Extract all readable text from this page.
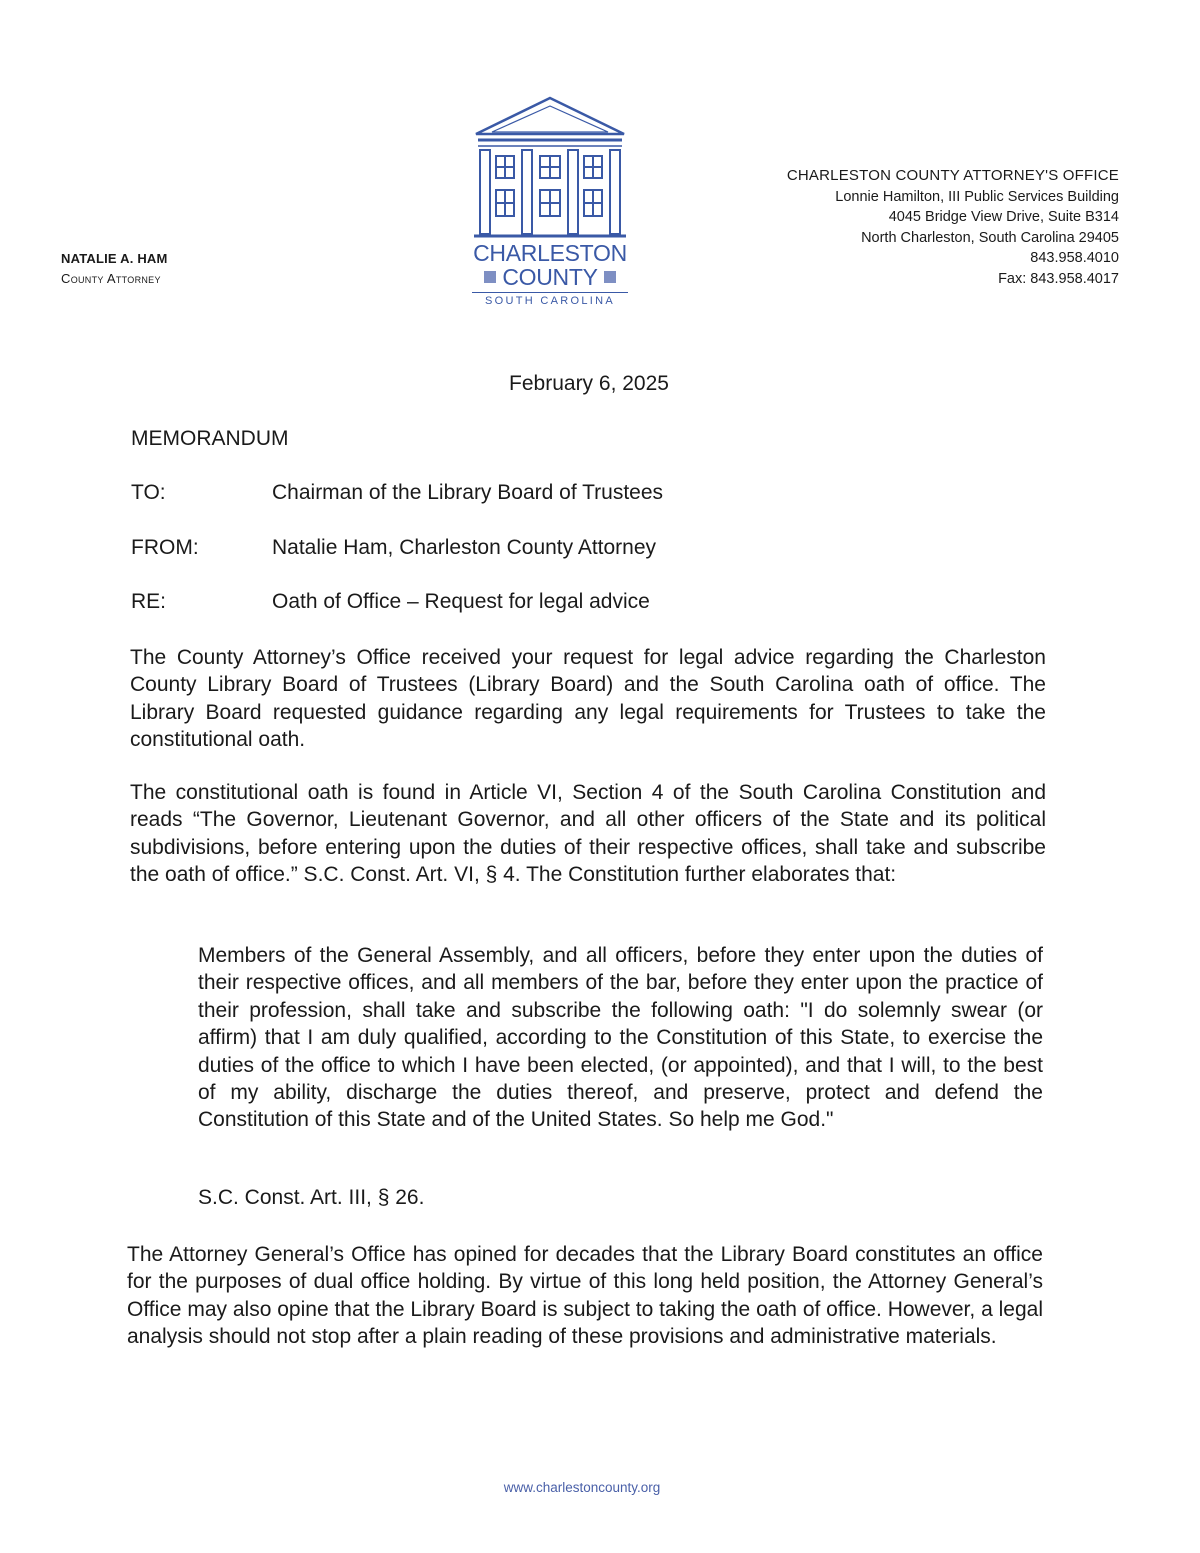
NATALIE A. HAM
County Attorney
CHARLESTON
COUNTY
SOUTH CAROLINA
CHARLESTON COUNTY ATTORNEY'S OFFICE
Lonnie Hamilton, III Public Services Building
4045 Bridge View Drive, Suite B314
North Charleston, South Carolina 29405
843.958.4010
Fax: 843.958.4017
February 6, 2025
MEMORANDUM
TO:	Chairman of the Library Board of Trustees
FROM:	Natalie Ham, Charleston County Attorney
RE:	Oath of Office – Request for legal advice
The County Attorney’s Office received your request for legal advice regarding the Charleston County Library Board of Trustees (Library Board) and the South Carolina oath of office. The Library Board requested guidance regarding any legal requirements for Trustees to take the constitutional oath.
The constitutional oath is found in Article VI, Section 4 of the South Carolina Constitution and reads “The Governor, Lieutenant Governor, and all other officers of the State and its political subdivisions, before entering upon the duties of their respective offices, shall take and subscribe the oath of office.” S.C. Const. Art. VI, § 4. The Constitution further elaborates that:
Members of the General Assembly, and all officers, before they enter upon the duties of their respective offices, and all members of the bar, before they enter upon the practice of their profession, shall take and subscribe the following oath: "I do solemnly swear (or affirm) that I am duly qualified, according to the Constitution of this State, to exercise the duties of the office to which I have been elected, (or appointed), and that I will, to the best of my ability, discharge the duties thereof, and preserve, protect and defend the Constitution of this State and of the United States. So help me God."
S.C. Const. Art. III, § 26.
The Attorney General’s Office has opined for decades that the Library Board constitutes an office for the purposes of dual office holding. By virtue of this long held position, the Attorney General’s Office may also opine that the Library Board is subject to taking the oath of office. However, a legal analysis should not stop after a plain reading of these provisions and administrative materials.
www.charlestoncounty.org
